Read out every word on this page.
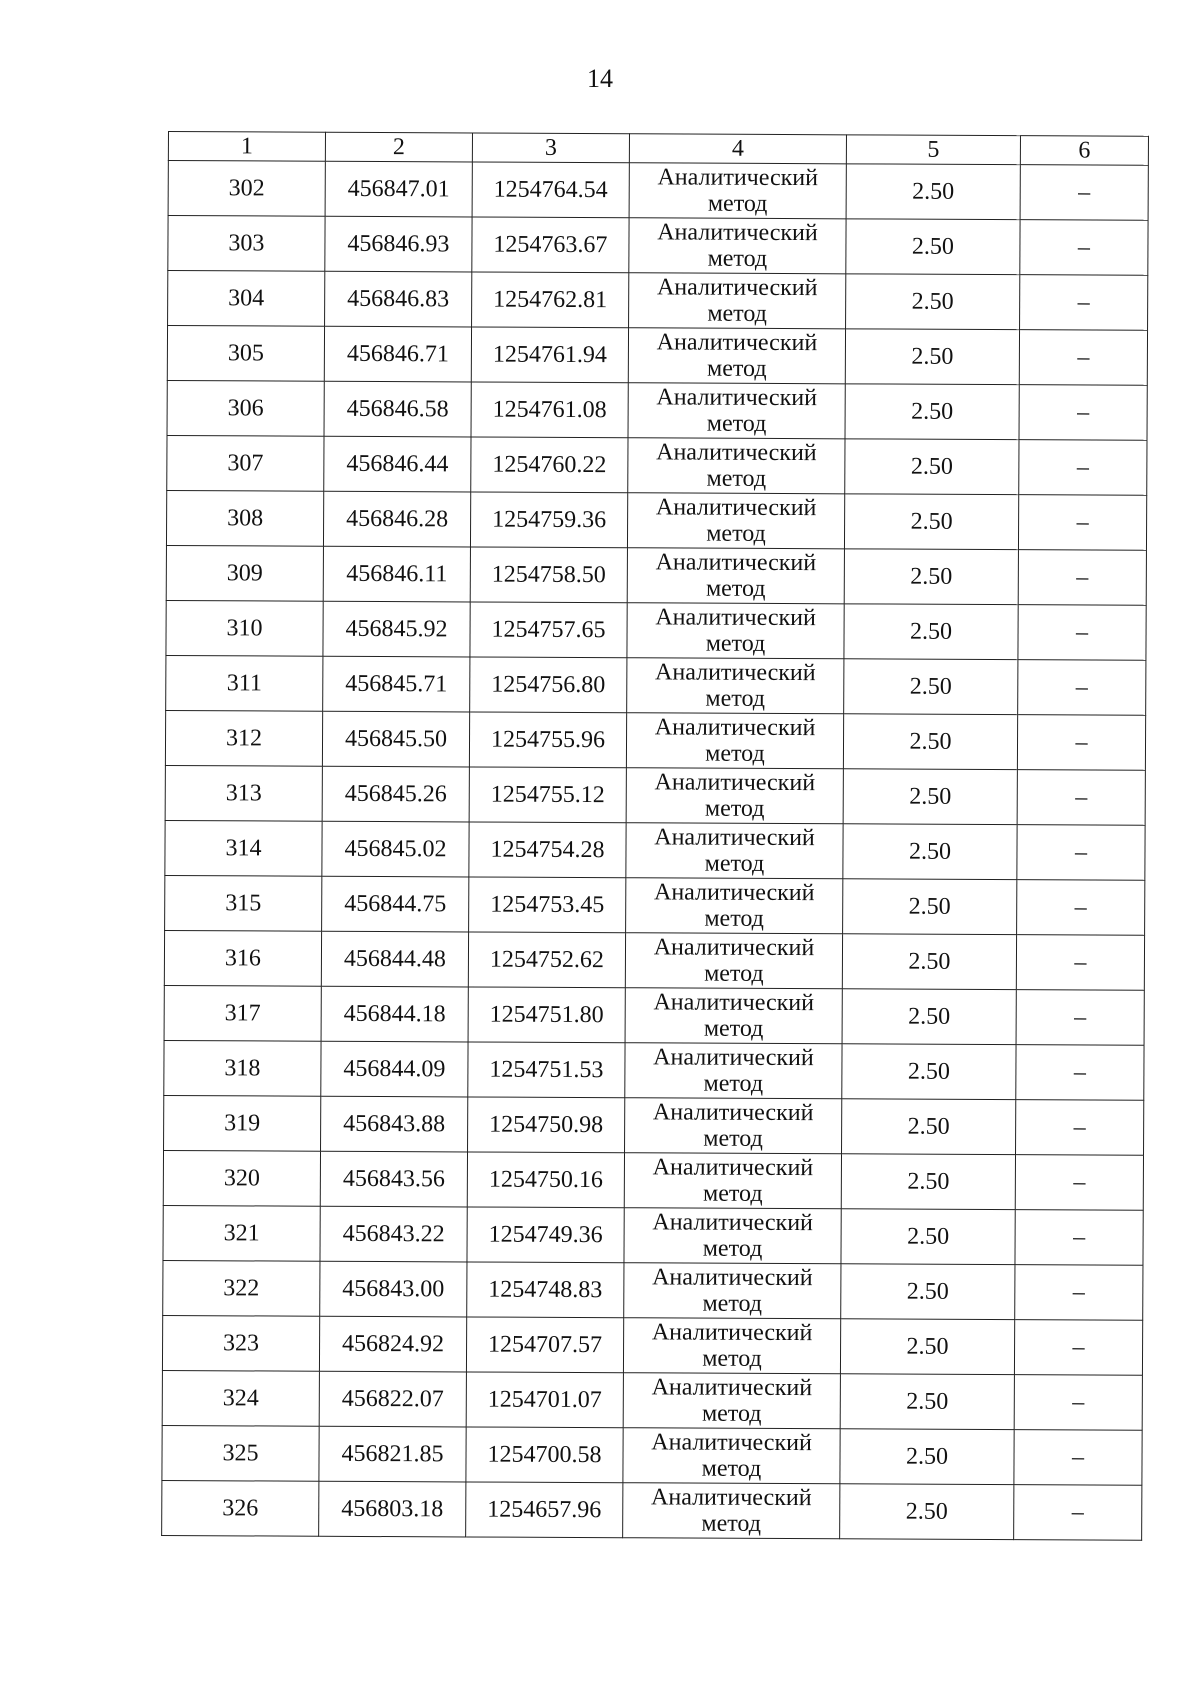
14
1	2	3	4	5	6
302	456847.01	1254764.54	Аналитический
метод	2.50	–
303	456846.93	1254763.67	Аналитический
метод	2.50	–
304	456846.83	1254762.81	Аналитический
метод	2.50	–
305	456846.71	1254761.94	Аналитический
метод	2.50	–
306	456846.58	1254761.08	Аналитический
метод	2.50	–
307	456846.44	1254760.22	Аналитический
метод	2.50	–
308	456846.28	1254759.36	Аналитический
метод	2.50	–
309	456846.11	1254758.50	Аналитический
метод	2.50	–
310	456845.92	1254757.65	Аналитический
метод	2.50	–
311	456845.71	1254756.80	Аналитический
метод	2.50	–
312	456845.50	1254755.96	Аналитический
метод	2.50	–
313	456845.26	1254755.12	Аналитический
метод	2.50	–
314	456845.02	1254754.28	Аналитический
метод	2.50	–
315	456844.75	1254753.45	Аналитический
метод	2.50	–
316	456844.48	1254752.62	Аналитический
метод	2.50	–
317	456844.18	1254751.80	Аналитический
метод	2.50	–
318	456844.09	1254751.53	Аналитический
метод	2.50	–
319	456843.88	1254750.98	Аналитический
метод	2.50	–
320	456843.56	1254750.16	Аналитический
метод	2.50	–
321	456843.22	1254749.36	Аналитический
метод	2.50	–
322	456843.00	1254748.83	Аналитический
метод	2.50	–
323	456824.92	1254707.57	Аналитический
метод	2.50	–
324	456822.07	1254701.07	Аналитический
метод	2.50	–
325	456821.85	1254700.58	Аналитический
метод	2.50	–
326	456803.18	1254657.96	Аналитический
метод	2.50	–
